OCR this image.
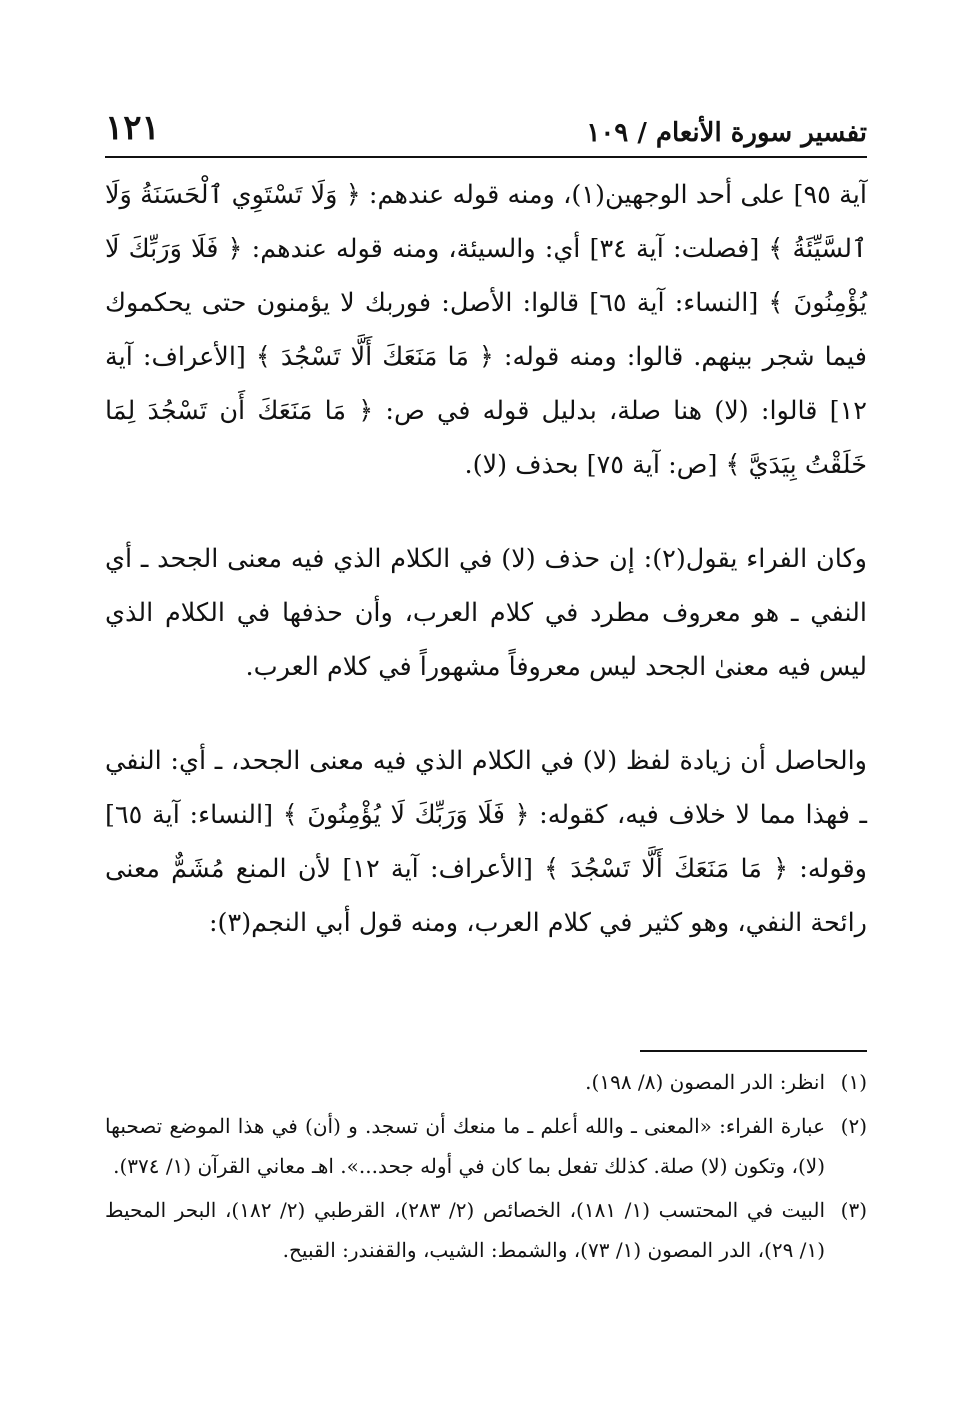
تفسير سورة الأنعام / ١٠٩
١٢١

آية ٩٥] على أحد الوجهين(١)، ومنه قوله عندهم: ﴿ وَلَا تَسْتَوِي ٱلْحَسَنَةُ وَلَا ٱلسَّيِّئَةُ ﴾ [فصلت: آية ٣٤] أي: والسيئة، ومنه قوله عندهم: ﴿ فَلَا وَرَبِّكَ لَا يُؤْمِنُونَ ﴾ [النساء: آية ٦٥] قالوا: الأصل: فوربك لا يؤمنون حتى يحكموك فيما شجر بينهم. قالوا: ومنه قوله: ﴿ مَا مَنَعَكَ أَلَّا تَسْجُدَ ﴾ [الأعراف: آية ١٢] قالوا: (لا) هنا صلة، بدليل قوله في ص: ﴿ مَا مَنَعَكَ أَن تَسْجُدَ لِمَا خَلَقْتُ بِيَدَيَّ ﴾ [ص: آية ٧٥] بحذف (لا).

وكان الفراء يقول(٢): إن حذف (لا) في الكلام الذي فيه معنى الجحد ـ أي النفي ـ هو معروف مطرد في كلام العرب، وأن حذفها في الكلام الذي ليس فيه معنىٰ الجحد ليس معروفاً مشهوراً في كلام العرب.

والحاصل أن زيادة لفظ (لا) في الكلام الذي فيه معنى الجحد، ـ أي: النفي ـ فهذا مما لا خلاف فيه، كقوله: ﴿ فَلَا وَرَبِّكَ لَا يُؤْمِنُونَ ﴾ [النساء: آية ٦٥] وقوله: ﴿ مَا مَنَعَكَ أَلَّا تَسْجُدَ ﴾ [الأعراف: آية ١٢] لأن المنع مُشَمٌّ معنى رائحة النفي، وهو كثير في كلام العرب، ومنه قول أبي النجم(٣):

(١)
انظر: الدر المصون (٨/ ١٩٨).
(٢)
عبارة الفراء: «المعنى ـ والله أعلم ـ ما منعك أن تسجد. و (أن) في هذا الموضع تصحبها (لا)، وتكون (لا) صلة. كذلك تفعل بما كان في أوله جحد...». اهـ معاني القرآن (١/ ٣٧٤).
(٣)
البيت في المحتسب (١/ ١٨١)، الخصائص (٢/ ٢٨٣)، القرطبي (٢/ ١٨٢)، البحر المحيط (١/ ٢٩)، الدر المصون (١/ ٧٣)، والشمط: الشيب، والقفندر: القبيح.
